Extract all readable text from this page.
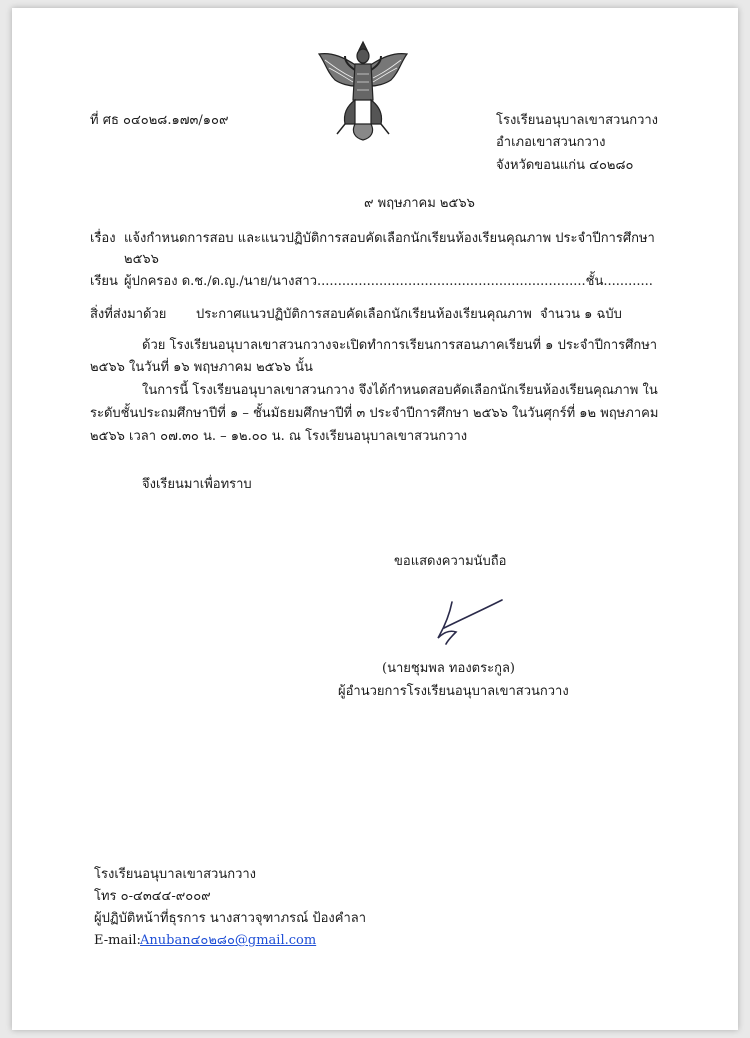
ที่ ศธ ๐๔๐๒๘.๑๗๓/๑๐๙	โรงเรียนอนุบาลเขาสวนกวาง
อำเภอเขาสวนกวาง
จังหวัดขอนแก่น ๔๐๒๘๐
๙ พฤษภาคม ๒๕๖๖
เรื่อง แจ้งกำหนดการสอบ และแนวปฏิบัติการสอบคัดเลือกนักเรียนห้องเรียนคุณภาพ ประจำปีการศึกษา
๒๕๖๖
เรียน ผู้ปกครอง ด.ช./ด.ญ./นาย/นางสาว.................................................................ชั้น............
สิ่งที่ส่งมาด้วย ประกาศแนวปฏิบัติการสอบคัดเลือกนักเรียนห้องเรียนคุณภาพ จำนวน ๑ ฉบับ
ด้วย โรงเรียนอนุบาลเขาสวนกวางจะเปิดทำการเรียนการสอนภาคเรียนที่ ๑ ประจำปีการศึกษา
๒๕๖๖ ในวันที่ ๑๖ พฤษภาคม ๒๕๖๖ นั้น
ในการนี้ โรงเรียนอนุบาลเขาสวนกวาง จึงได้กำหนดสอบคัดเลือกนักเรียนห้องเรียนคุณภาพ ใน
ระดับชั้นประถมศึกษาปีที่ ๑ – ชั้นมัธยมศึกษาปีที่ ๓ ประจำปีการศึกษา ๒๕๖๖ ในวันศุกร์ที่ ๑๒ พฤษภาคม
๒๕๖๖ เวลา ๐๗.๓๐ น. – ๑๒.๐๐ น. ณ โรงเรียนอนุบาลเขาสวนกวาง
จึงเรียนมาเพื่อทราบ
ขอแสดงความนับถือ
(นายชุมพล ทองตระกูล)
ผู้อำนวยการโรงเรียนอนุบาลเขาสวนกวาง
โรงเรียนอนุบาลเขาสวนกวาง
โทร ๐-๔๓๔๔-๙๐๐๙
ผู้ปฏิบัติหน้าที่ธุรการ นางสาวจุฑาภรณ์ ป้องคำลา
E-mail: Anuban๔๐๒๘๐@gmail.com
